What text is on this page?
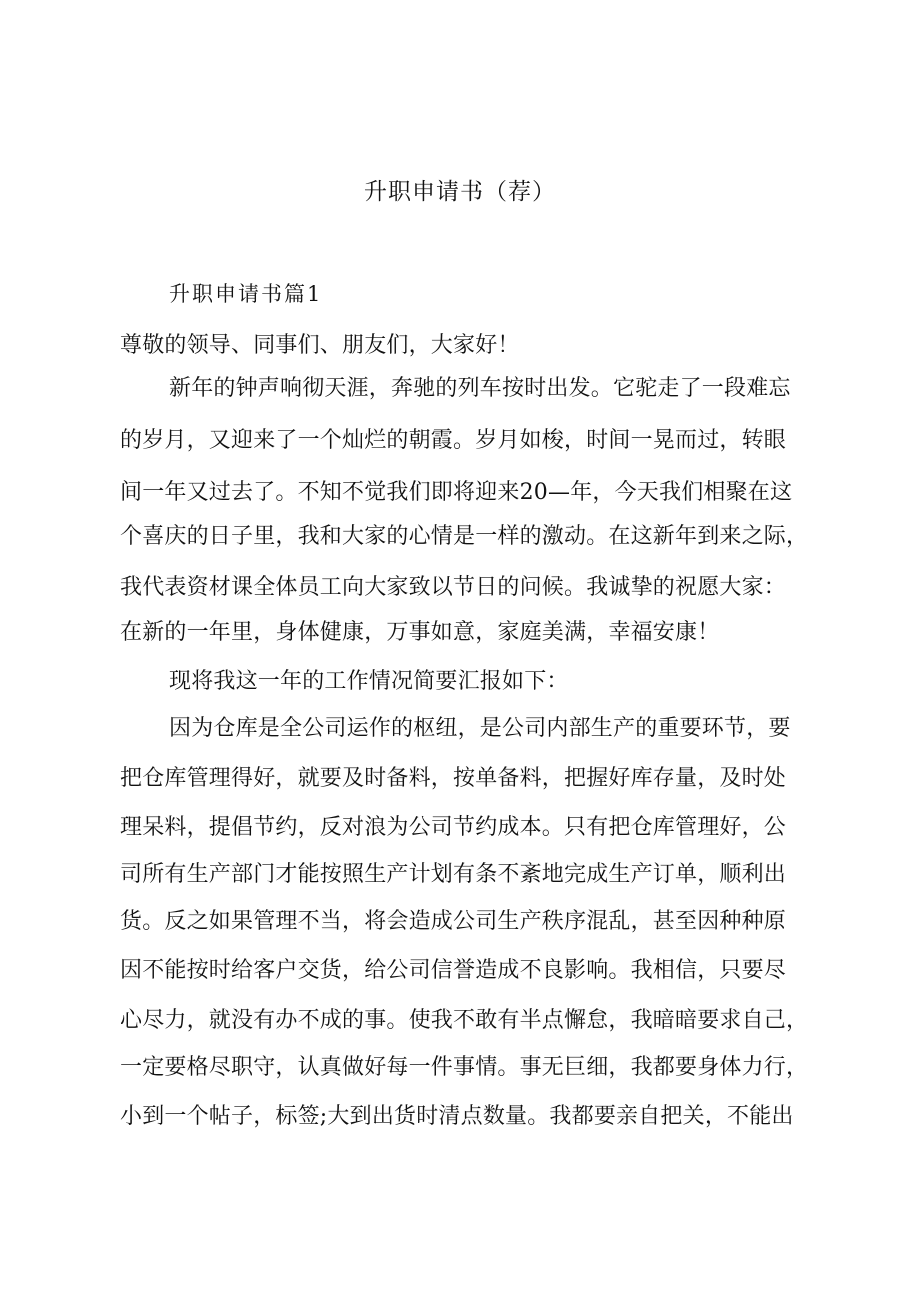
升职申请书（荐）

升职申请书篇1

尊敬的领导、同事们、朋友们，大家好！

新年的钟声响彻天涯，奔驰的列车按时出发。它驼走了一段难忘

的岁月，又迎来了一个灿烂的朝霞。岁月如梭，时间一晃而过，转眼

间一年又过去了。不知不觉我们即将迎来20—年，今天我们相聚在这

个喜庆的日子里，我和大家的心情是一样的激动。在这新年到来之际，

我代表资材课全体员工向大家致以节日的问候。我诚挚的祝愿大家：

在新的一年里，身体健康，万事如意，家庭美满，幸福安康！

现将我这一年的工作情况简要汇报如下：

因为仓库是全公司运作的枢纽，是公司内部生产的重要环节，要

把仓库管理得好，就要及时备料，按单备料，把握好库存量，及时处

理呆料，提倡节约，反对浪为公司节约成本。只有把仓库管理好，公

司所有生产部门才能按照生产计划有条不紊地完成生产订单，顺利出

货。反之如果管理不当，将会造成公司生产秩序混乱，甚至因种种原

因不能按时给客户交货，给公司信誉造成不良影响。我相信，只要尽

心尽力，就没有办不成的事。使我不敢有半点懈怠，我暗暗要求自己，

一定要格尽职守，认真做好每一件事情。事无巨细，我都要身体力行，

小到一个帖子，标签;大到出货时清点数量。我都要亲自把关，不能出
